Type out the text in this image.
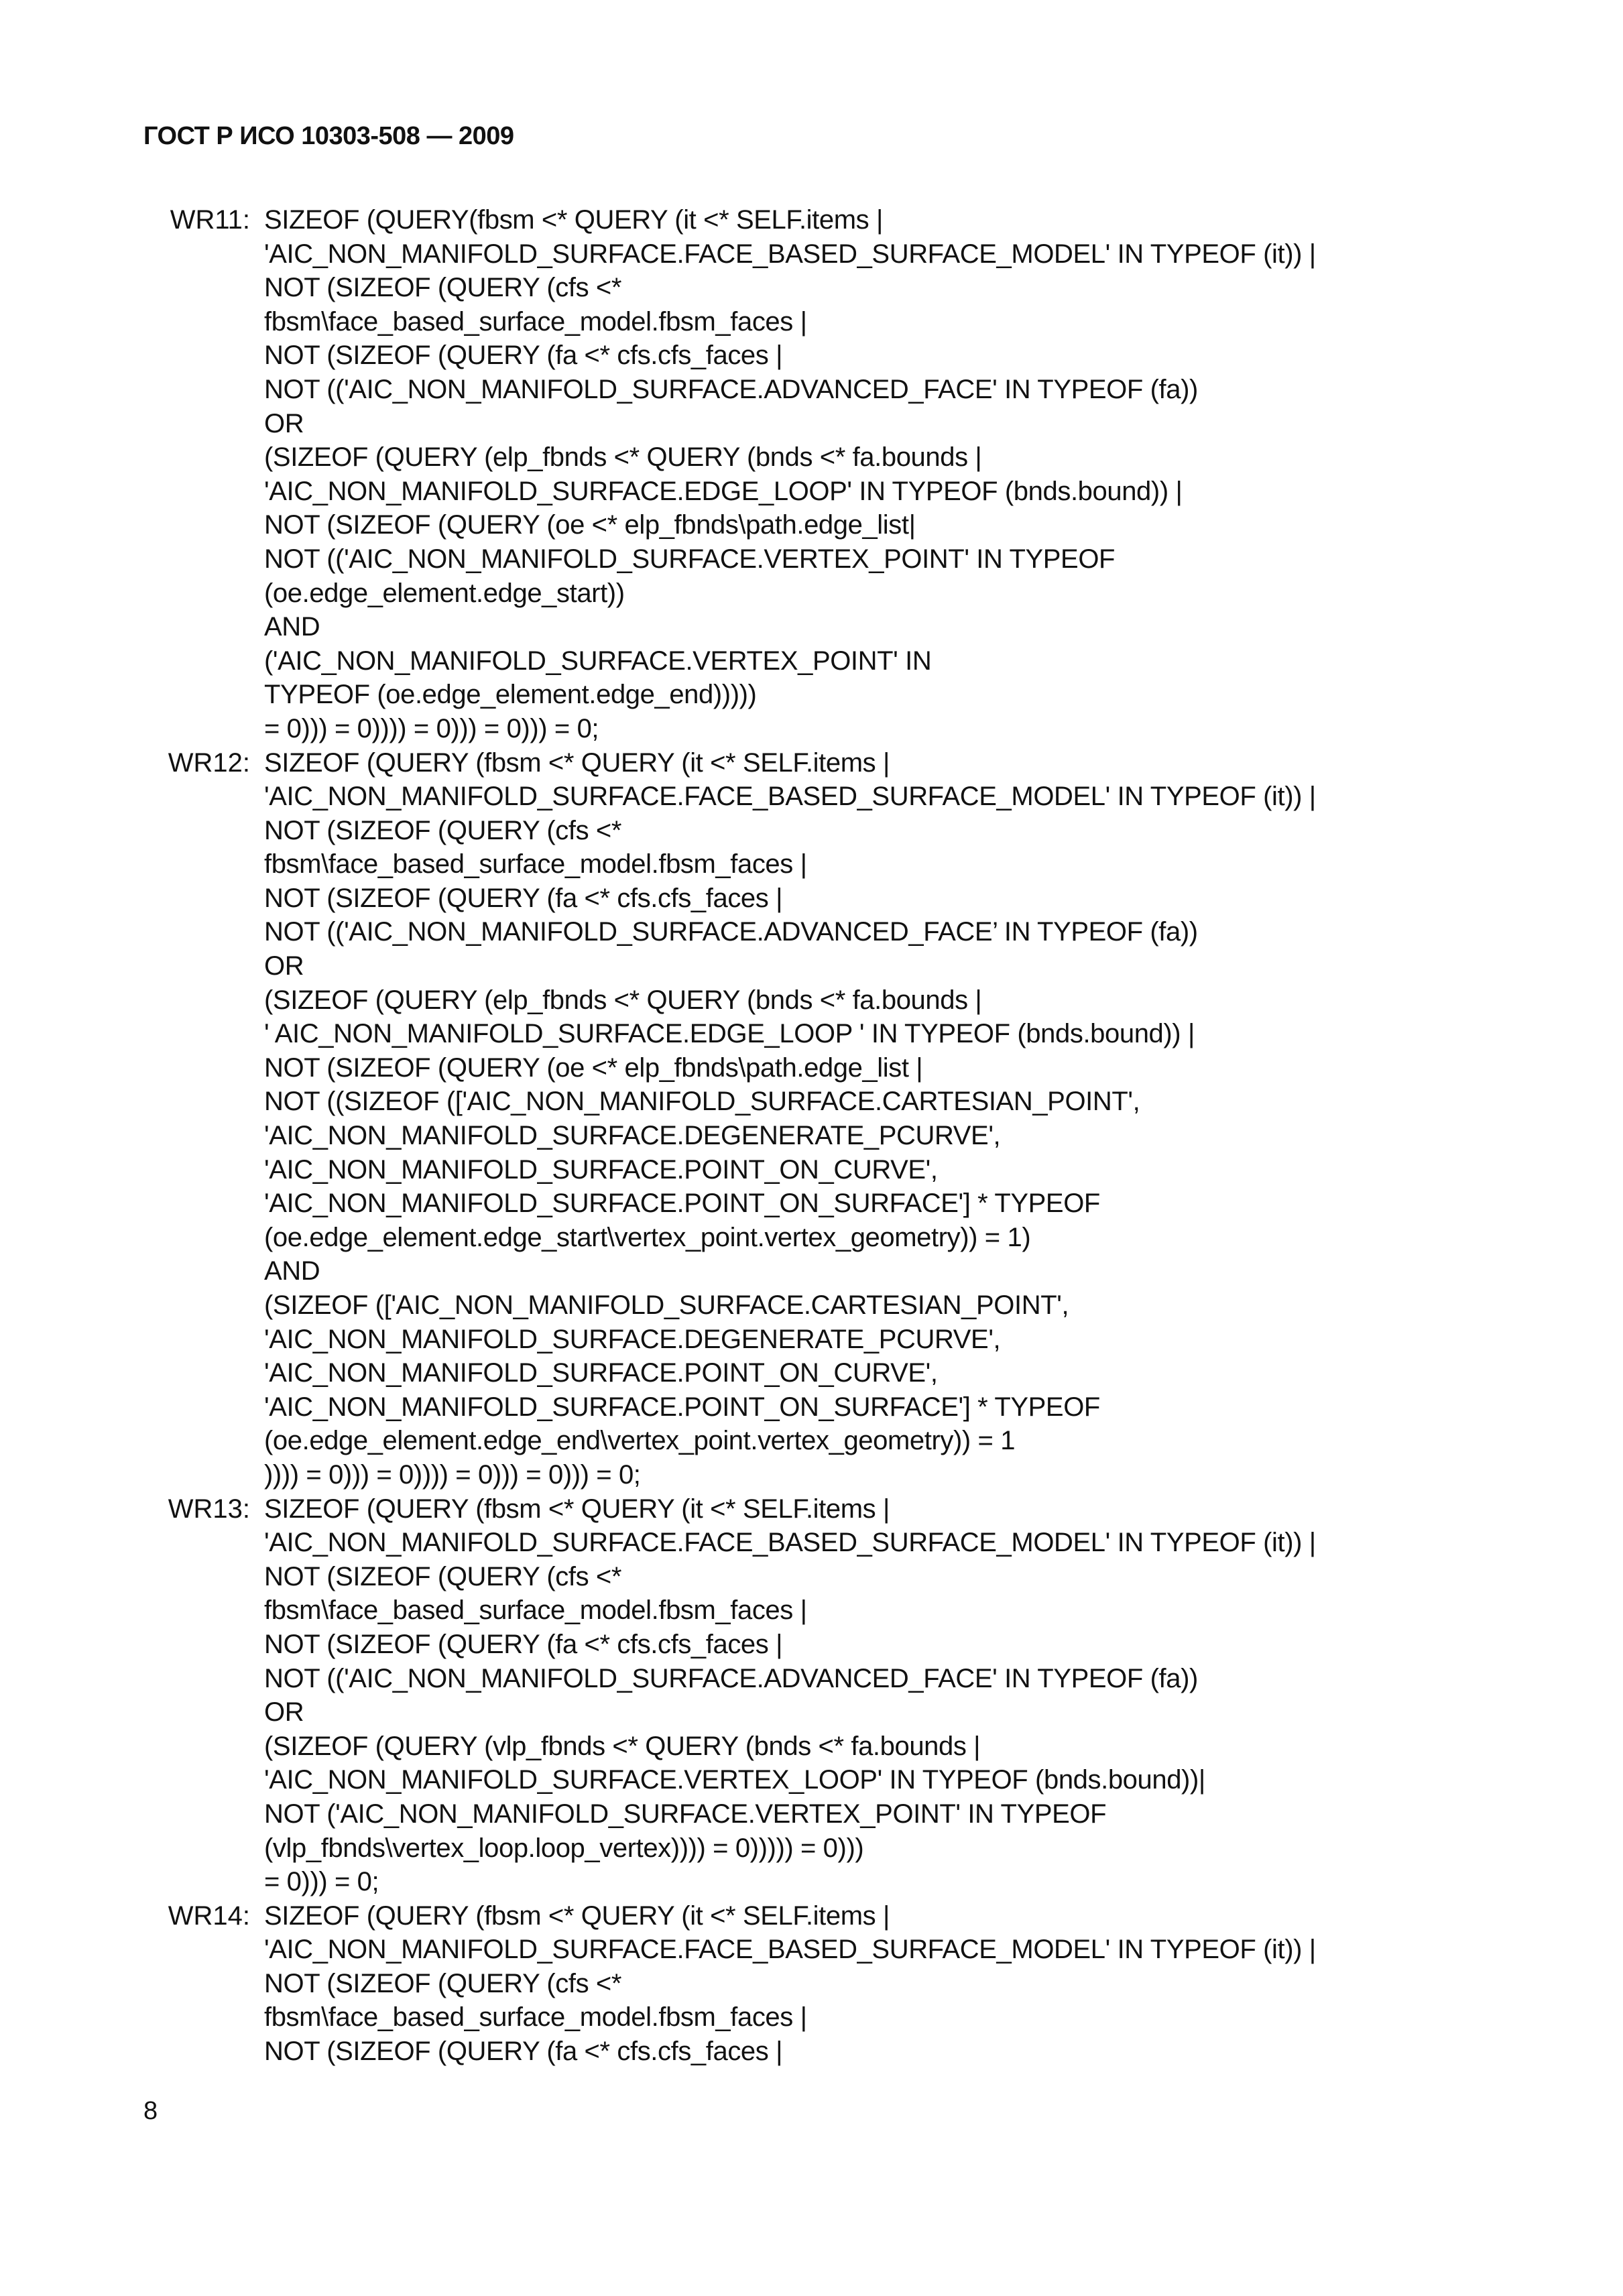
ГОСТ Р ИСО 10303-508 — 2009
WR11: SIZEOF (QUERY(fbsm <* QUERY (it <* SELF.items |
'AIC_NON_MANIFOLD_SURFACE.FACE_BASED_SURFACE_MODEL' IN TYPEOF (it)) |
NOT (SIZEOF (QUERY (cfs <*
fbsm\face_based_surface_model.fbsm_faces |
NOT (SIZEOF (QUERY (fa <* cfs.cfs_faces |
NOT (('AIC_NON_MANIFOLD_SURFACE.ADVANCED_FACE' IN TYPEOF (fa))
OR
(SIZEOF (QUERY (elp_fbnds <* QUERY (bnds <* fa.bounds |
'AIC_NON_MANIFOLD_SURFACE.EDGE_LOOP' IN TYPEOF (bnds.bound)) |
NOT (SIZEOF (QUERY (oe <* elp_fbnds\path.edge_list|
NOT (('AIC_NON_MANIFOLD_SURFACE.VERTEX_POINT' IN TYPEOF
(oe.edge_element.edge_start))
AND
('AIC_NON_MANIFOLD_SURFACE.VERTEX_POINT' IN
TYPEOF (oe.edge_element.edge_end)))))
= 0))) = 0)))) = 0))) = 0))) = 0;
WR12: SIZEOF (QUERY (fbsm <* QUERY (it <* SELF.items |
'AIC_NON_MANIFOLD_SURFACE.FACE_BASED_SURFACE_MODEL' IN TYPEOF (it)) |
NOT (SIZEOF (QUERY (cfs <*
fbsm\face_based_surface_model.fbsm_faces |
NOT (SIZEOF (QUERY (fa <* cfs.cfs_faces |
NOT (('AIC_NON_MANIFOLD_SURFACE.ADVANCED_FACE’ IN TYPEOF (fa))
OR
(SIZEOF (QUERY (elp_fbnds <* QUERY (bnds <* fa.bounds |
' AIC_NON_MANIFOLD_SURFACE.EDGE_LOOP ' IN TYPEOF (bnds.bound)) |
NOT (SIZEOF (QUERY (oe <* elp_fbnds\path.edge_list |
NOT ((SIZEOF (['AIC_NON_MANIFOLD_SURFACE.CARTESIAN_POINT',
'AIC_NON_MANIFOLD_SURFACE.DEGENERATE_PCURVE',
'AIC_NON_MANIFOLD_SURFACE.POINT_ON_CURVE',
'AIC_NON_MANIFOLD_SURFACE.POINT_ON_SURFACE'] * TYPEOF
(oe.edge_element.edge_start\vertex_point.vertex_geometry)) = 1)
AND
(SIZEOF (['AIC_NON_MANIFOLD_SURFACE.CARTESIAN_POINT',
'AIC_NON_MANIFOLD_SURFACE.DEGENERATE_PCURVE',
'AIC_NON_MANIFOLD_SURFACE.POINT_ON_CURVE',
'AIC_NON_MANIFOLD_SURFACE.POINT_ON_SURFACE'] * TYPEOF
(oe.edge_element.edge_end\vertex_point.vertex_geometry)) = 1
)))) = 0))) = 0)))) = 0))) = 0))) = 0;
WR13: SIZEOF (QUERY (fbsm <* QUERY (it <* SELF.items |
'AIC_NON_MANIFOLD_SURFACE.FACE_BASED_SURFACE_MODEL' IN TYPEOF (it)) |
NOT (SIZEOF (QUERY (cfs <*
fbsm\face_based_surface_model.fbsm_faces |
NOT (SIZEOF (QUERY (fa <* cfs.cfs_faces |
NOT (('AIC_NON_MANIFOLD_SURFACE.ADVANCED_FACE' IN TYPEOF (fa))
OR
(SIZEOF (QUERY (vlp_fbnds <* QUERY (bnds <* fa.bounds |
'AIC_NON_MANIFOLD_SURFACE.VERTEX_LOOP' IN TYPEOF (bnds.bound))|
NOT ('AIC_NON_MANIFOLD_SURFACE.VERTEX_POINT' IN TYPEOF
(vlp_fbnds\vertex_loop.loop_vertex)))) = 0))))) = 0)))
= 0))) = 0;
WR14: SIZEOF (QUERY (fbsm <* QUERY (it <* SELF.items |
'AIC_NON_MANIFOLD_SURFACE.FACE_BASED_SURFACE_MODEL' IN TYPEOF (it)) |
NOT (SIZEOF (QUERY (cfs <*
fbsm\face_based_surface_model.fbsm_faces |
NOT (SIZEOF (QUERY (fa <* cfs.cfs_faces |
8
